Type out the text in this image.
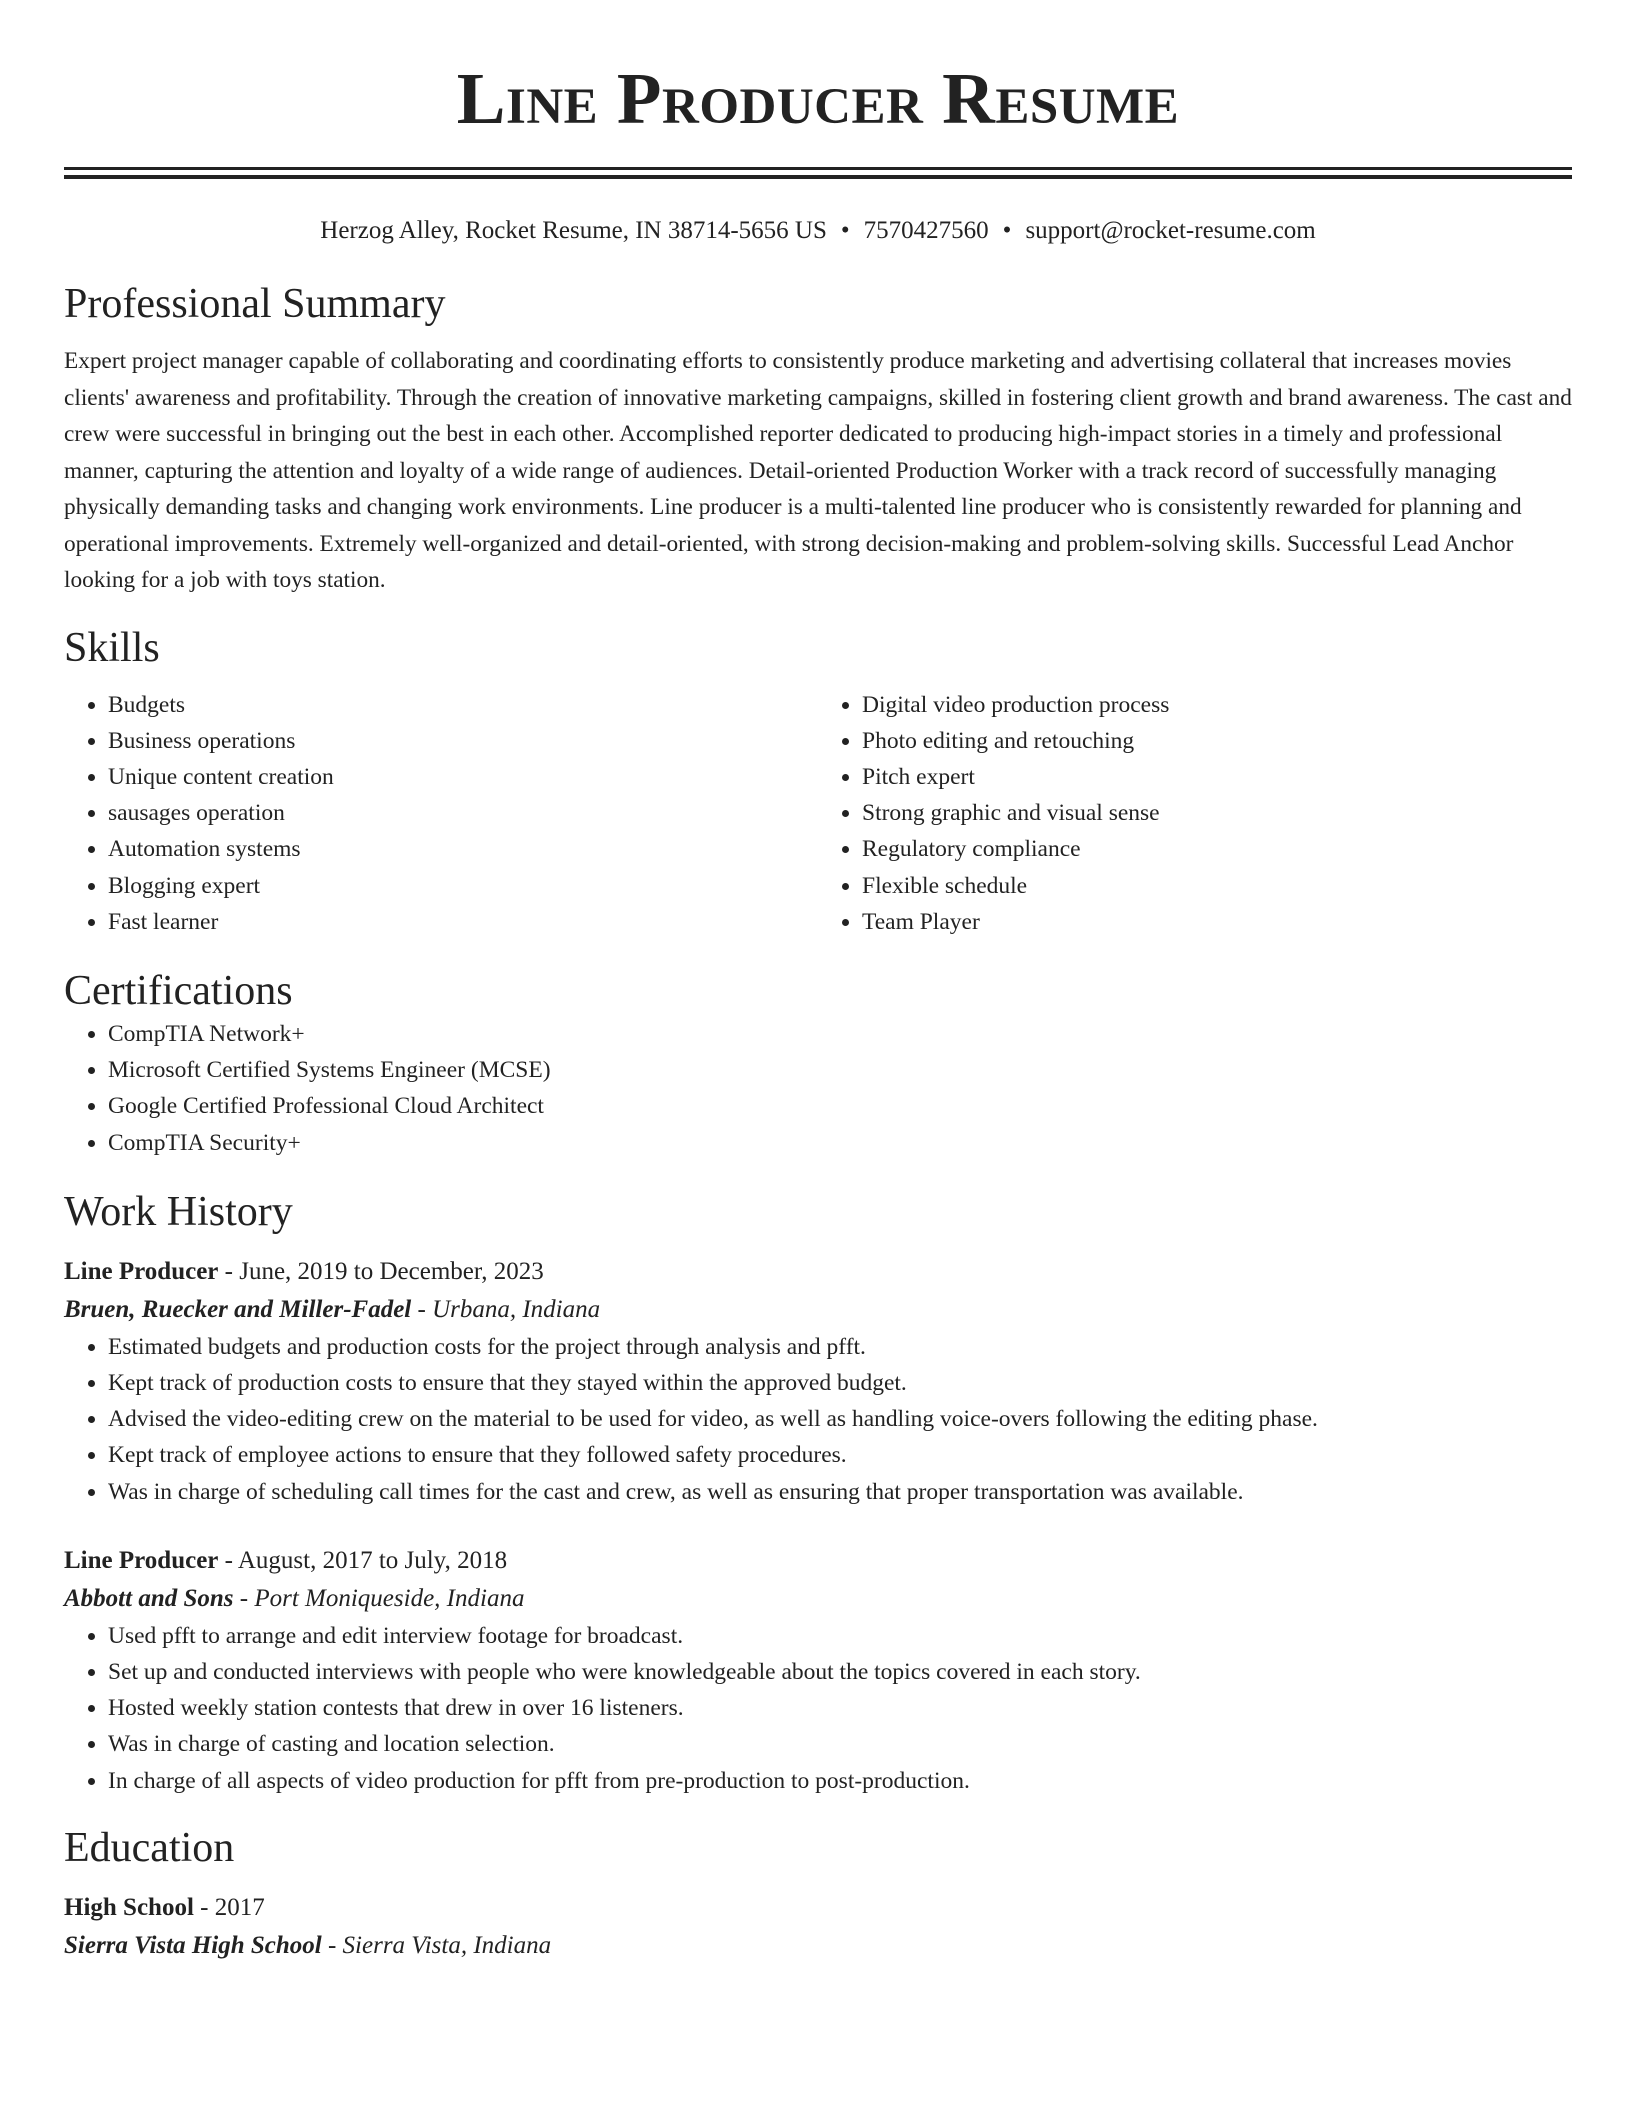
Line Producer Resume
Herzog Alley, Rocket Resume, IN 38714-5656 US • 7570427560 • support@rocket-resume.com
Professional Summary

Expert project manager capable of collaborating and coordinating efforts to consistently produce marketing and advertising collateral that increases movies clients' awareness and profitability. Through the creation of innovative marketing campaigns, skilled in fostering client growth and brand awareness. The cast and crew were successful in bringing out the best in each other. Accomplished reporter dedicated to producing high-impact stories in a timely and professional manner, capturing the attention and loyalty of a wide range of audiences. Detail-oriented Production Worker with a track record of successfully managing physically demanding tasks and changing work environments. Line producer is a multi-talented line producer who is consistently rewarded for planning and operational improvements. Extremely well-organized and detail-oriented, with strong decision-making and problem-solving skills. Successful Lead Anchor looking for a job with toys station.

Skills
• Budgets
• Business operations
• Unique content creation
• sausages operation
• Automation systems
• Blogging expert
• Fast learner
• Digital video production process
• Photo editing and retouching
• Pitch expert
• Strong graphic and visual sense
• Regulatory compliance
• Flexible schedule
• Team Player
Certifications
• CompTIA Network+
• Microsoft Certified Systems Engineer (MCSE)
• Google Certified Professional Cloud Architect
• CompTIA Security+
Work History
Line Producer - June, 2019 to December, 2023
Bruen, Ruecker and Miller-Fadel - Urbana, Indiana
• Estimated budgets and production costs for the project through analysis and pfft.
• Kept track of production costs to ensure that they stayed within the approved budget.
• Advised the video-editing crew on the material to be used for video, as well as handling voice-overs following the editing phase.
• Kept track of employee actions to ensure that they followed safety procedures.
• Was in charge of scheduling call times for the cast and crew, as well as ensuring that proper transportation was available.
Line Producer - August, 2017 to July, 2018
Abbott and Sons - Port Moniqueside, Indiana
• Used pfft to arrange and edit interview footage for broadcast.
• Set up and conducted interviews with people who were knowledgeable about the topics covered in each story.
• Hosted weekly station contests that drew in over 16 listeners.
• Was in charge of casting and location selection.
• In charge of all aspects of video production for pfft from pre-production to post-production.
Education
High School - 2017
Sierra Vista High School - Sierra Vista, Indiana
